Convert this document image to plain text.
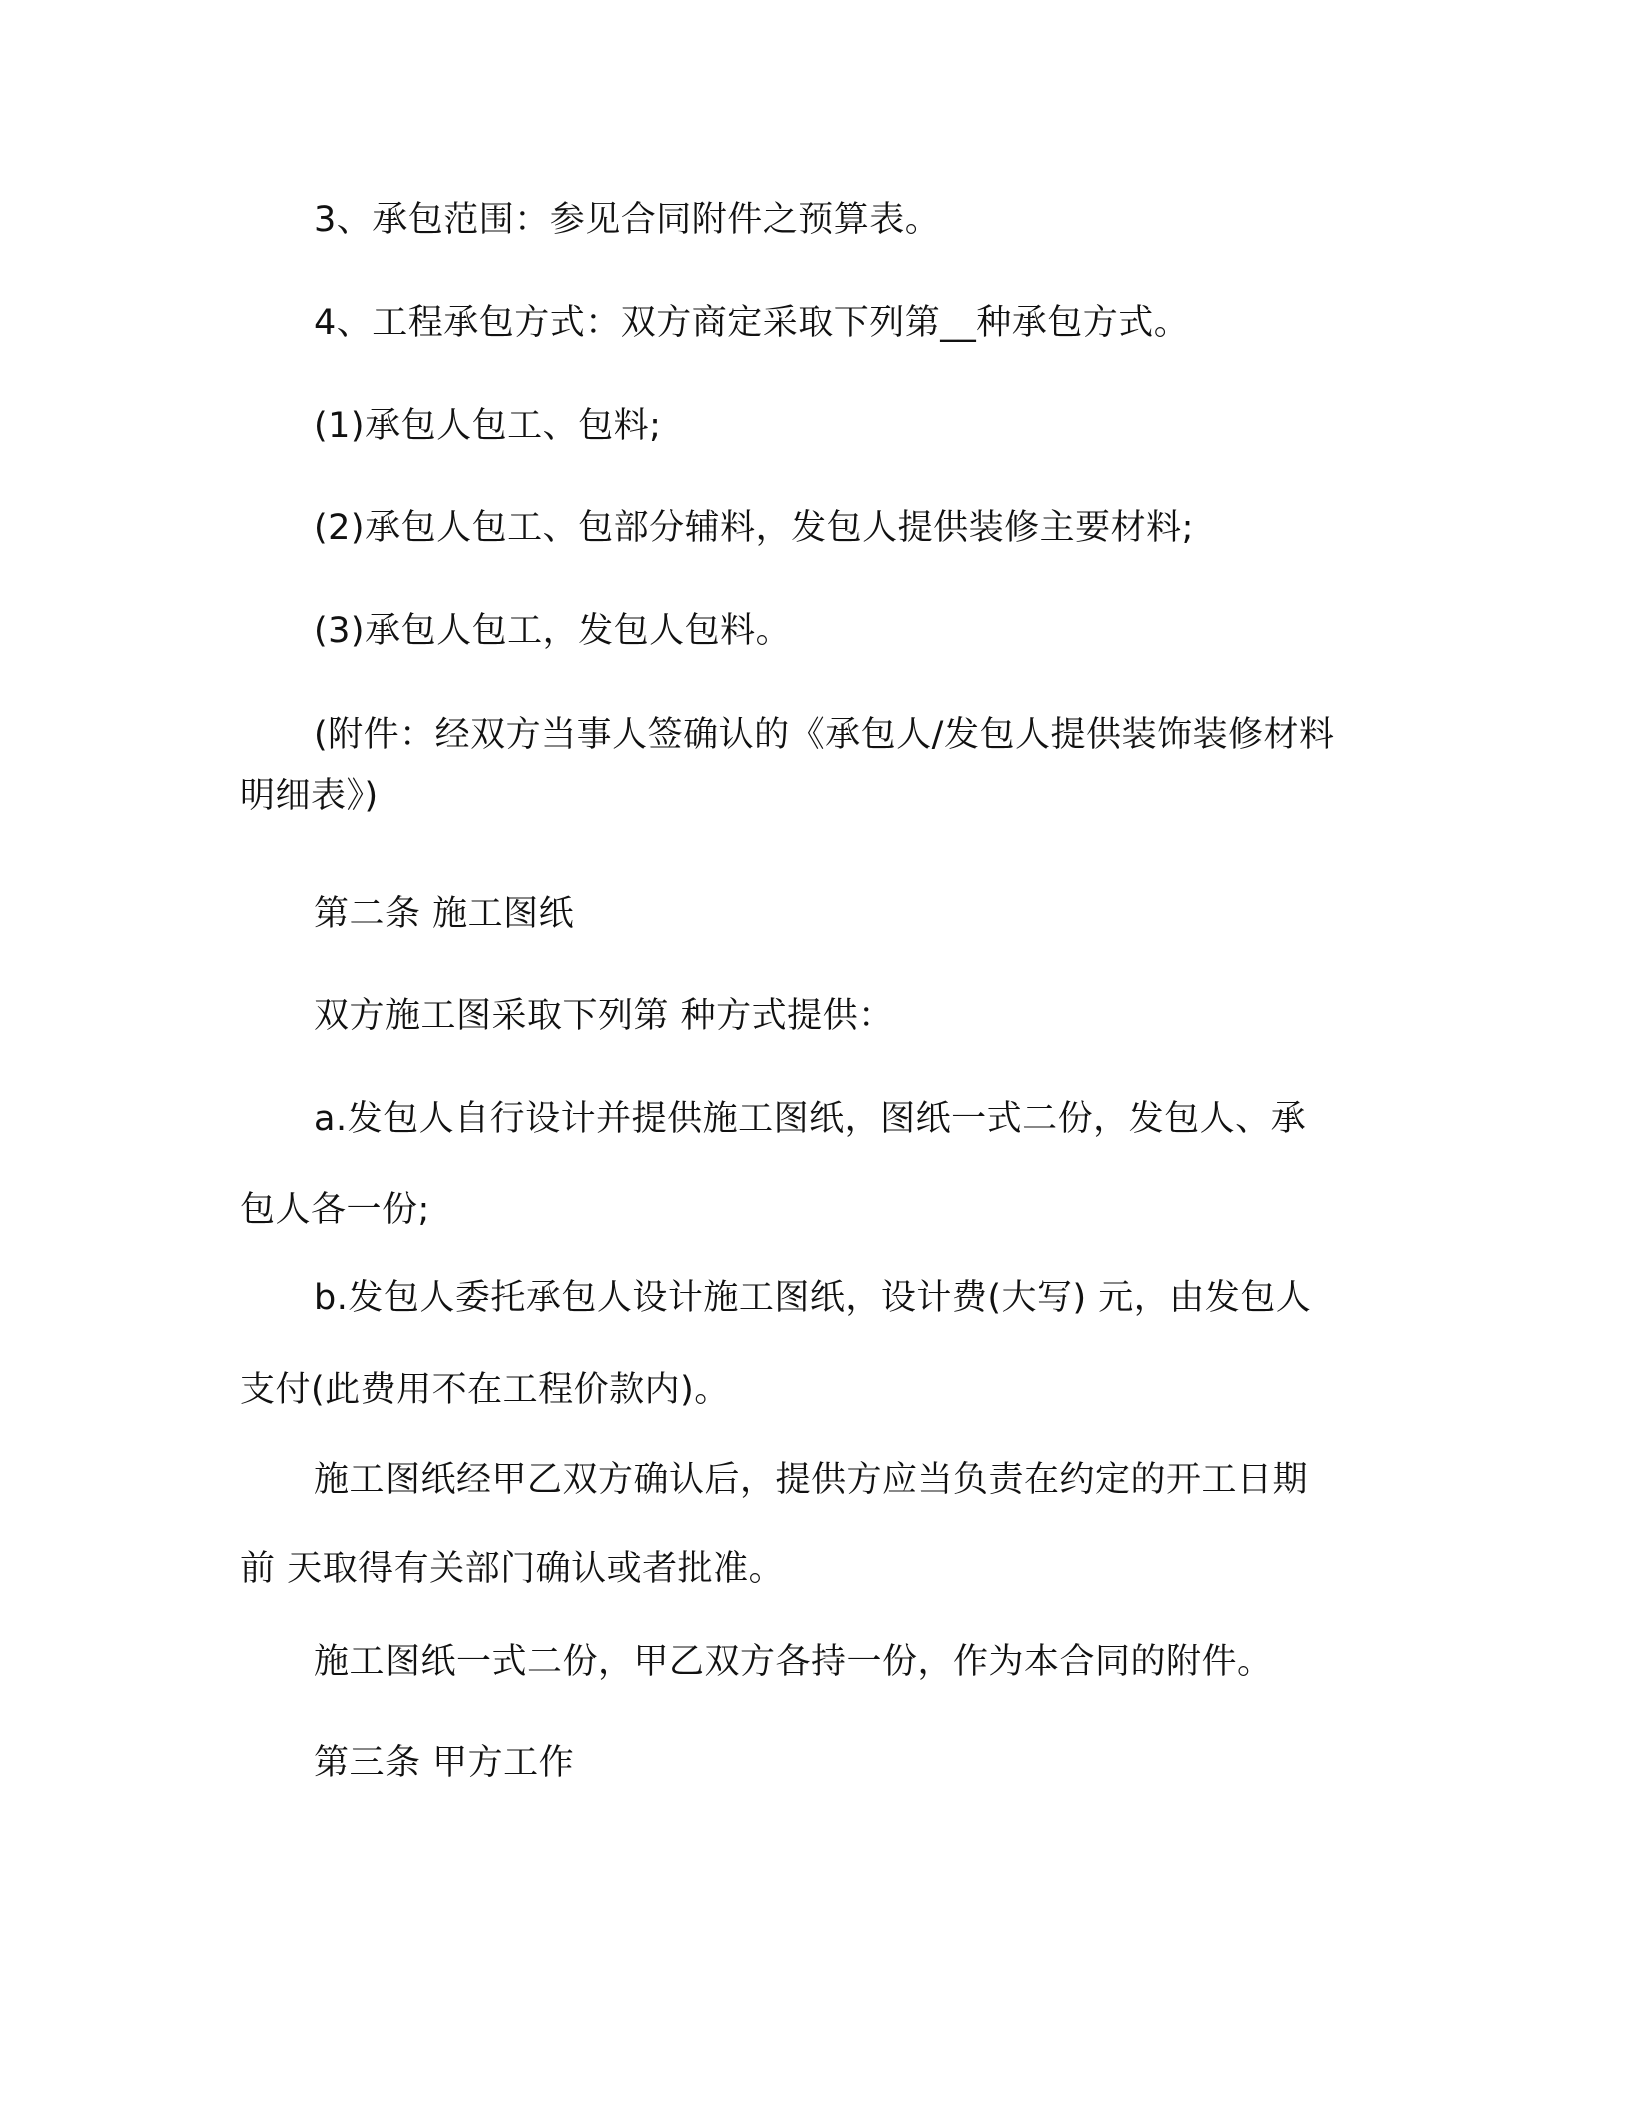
3、承包范围：参见合同附件之预算表。

4、工程承包方式：双方商定采取下列第__种承包方式。

(1)承包人包工、包料;

(2)承包人包工、包部分辅料，发包人提供装修主要材料;

(3)承包人包工，发包人包料。

(附件：经双方当事人签确认的《承包人/发包人提供装饰装修材料
明细表》)

第二条 施工图纸

双方施工图采取下列第 种方式提供：

a.发包人自行设计并提供施工图纸，图纸一式二份，发包人、承
包人各一份;

b.发包人委托承包人设计施工图纸，设计费(大写) 元，由发包人
支付(此费用不在工程价款内)。

施工图纸经甲乙双方确认后，提供方应当负责在约定的开工日期
前 天取得有关部门确认或者批准。

施工图纸一式二份，甲乙双方各持一份，作为本合同的附件。

第三条 甲方工作
